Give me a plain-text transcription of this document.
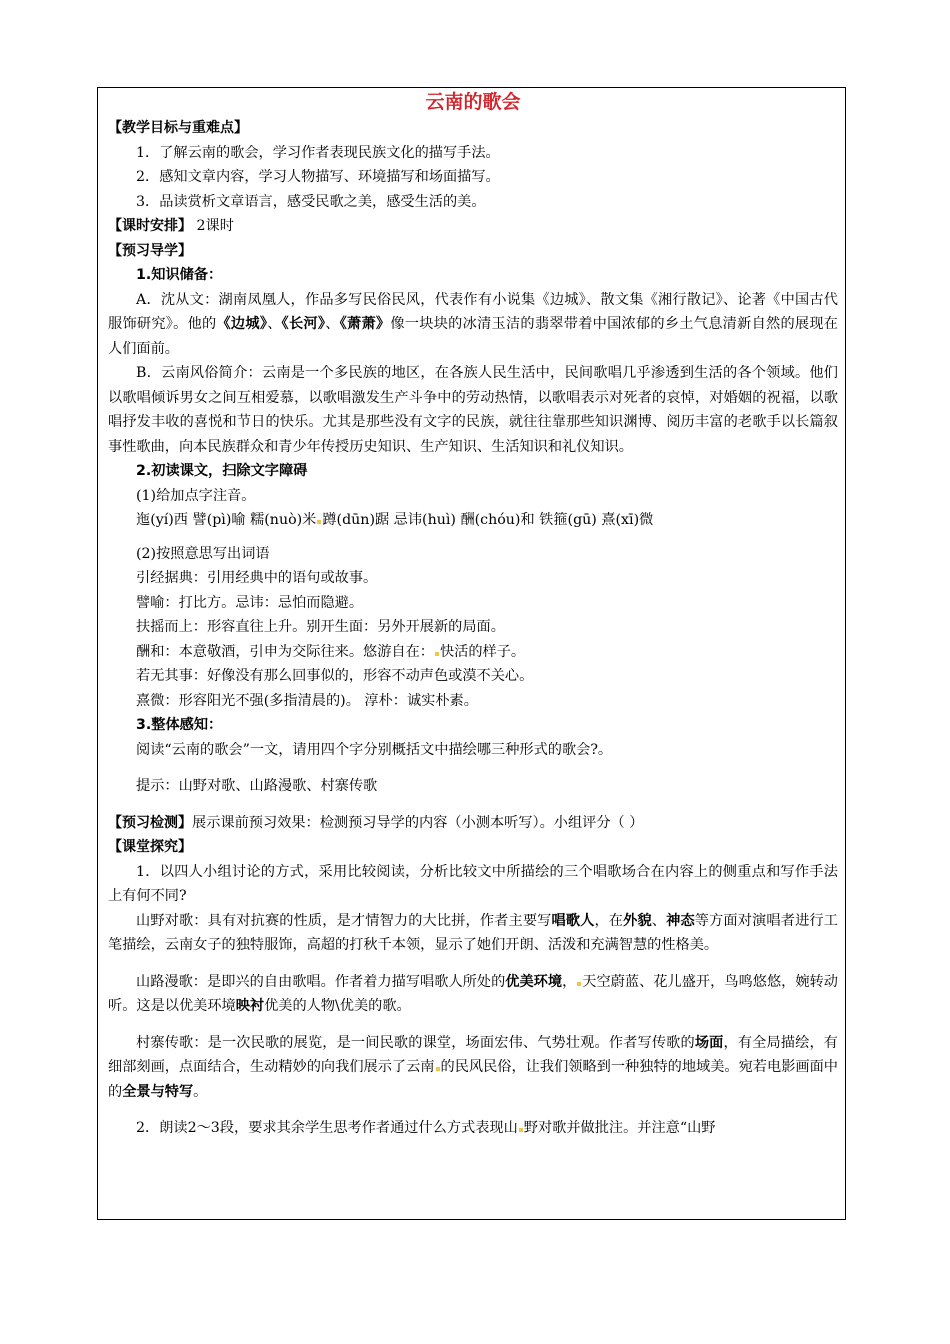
云南的歌会

【教学目标与重难点】

1．了解云南的歌会，学习作者表现民族文化的描写手法。

2．感知文章内容，学习人物描写、环境描写和场面描写。

3．品读赏析文章语言，感受民歌之美，感受生活的美。

【课时安排】 2课时

【预习导学】

1.知识储备：

A．沈从文：湖南凤凰人，作品多写民俗民风，代表作有小说集《边城》、散文集《湘行散记》、论著《中国古代服饰研究》。他的《边城》、《长河》、《萧萧》像一块块的冰清玉洁的翡翠带着中国浓郁的乡土气息清新自然的展现在人们面前。

B．云南风俗简介：云南是一个多民族的地区，在各族人民生活中，民间歌唱几乎渗透到生活的各个领域。他们以歌唱倾诉男女之间互相爱慕，以歌唱激发生产斗争中的劳动热情，以歌唱表示对死者的哀悼，对婚姻的祝福，以歌唱抒发丰收的喜悦和节日的快乐。尤其是那些没有文字的民族，就往往靠那些知识渊博、阅历丰富的老歌手以长篇叙事性歌曲，向本民族群众和青少年传授历史知识、生产知识、生活知识和礼仪知识。

2.初读课文，扫除文字障碍

(1)给加点字注音。

迤(yí)西 譬(pì)喻 糯(nuò)米 蹲(dūn)踞 忌讳(huì) 酬(chóu)和 铁箍(gū) 熹(xī)微

(2)按照意思写出词语

引经据典：引用经典中的语句或故事。

譬喻：打比方。忌讳：忌怕而隐避。

扶摇而上：形容直往上升。别开生面：另外开展新的局面。

酬和：本意敬酒，引申为交际往来。悠游自在： 快活的样子。

若无其事：好像没有那么回事似的，形容不动声色或漠不关心。

熹微：形容阳光不强(多指清晨的)。 淳朴：诚实朴素。

3.整体感知：

阅读“云南的歌会”一文，请用四个字分别概括文中描绘哪三种形式的歌会?。

提示：山野对歌、山路漫歌、村寨传歌

【预习检测】展示课前预习效果：检测预习导学的内容（小测本听写）。小组评分（ ）

【课堂探究】

1．以四人小组讨论的方式，采用比较阅读，分析比较文中所描绘的三个唱歌场合在内容上的侧重点和写作手法上有何不同?

山野对歌：具有对抗赛的性质，是才情智力的大比拼，作者主要写唱歌人，在外貌、神态等方面对演唱者进行工笔描绘，云南女子的独特服饰，高超的打秋千本领，显示了她们开朗、活泼和充满智慧的性格美。

山路漫歌：是即兴的自由歌唱。作者着力描写唱歌人所处的优美环境， 天空蔚蓝、花儿盛开，鸟鸣悠悠，婉转动听。这是以优美环境映衬优美的人物\优美的歌。

村寨传歌：是一次民歌的展览，是一间民歌的课堂，场面宏伟、气势壮观。作者写传歌的场面，有全局描绘，有细部刻画，点面结合，生动精妙的向我们展示了云南 的民风民俗，让我们领略到一种独特的地域美。宛若电影画面中的全景与特写。

2．朗读2～3段，要求其余学生思考作者通过什么方式表现山 野对歌并做批注。并注意“山野
